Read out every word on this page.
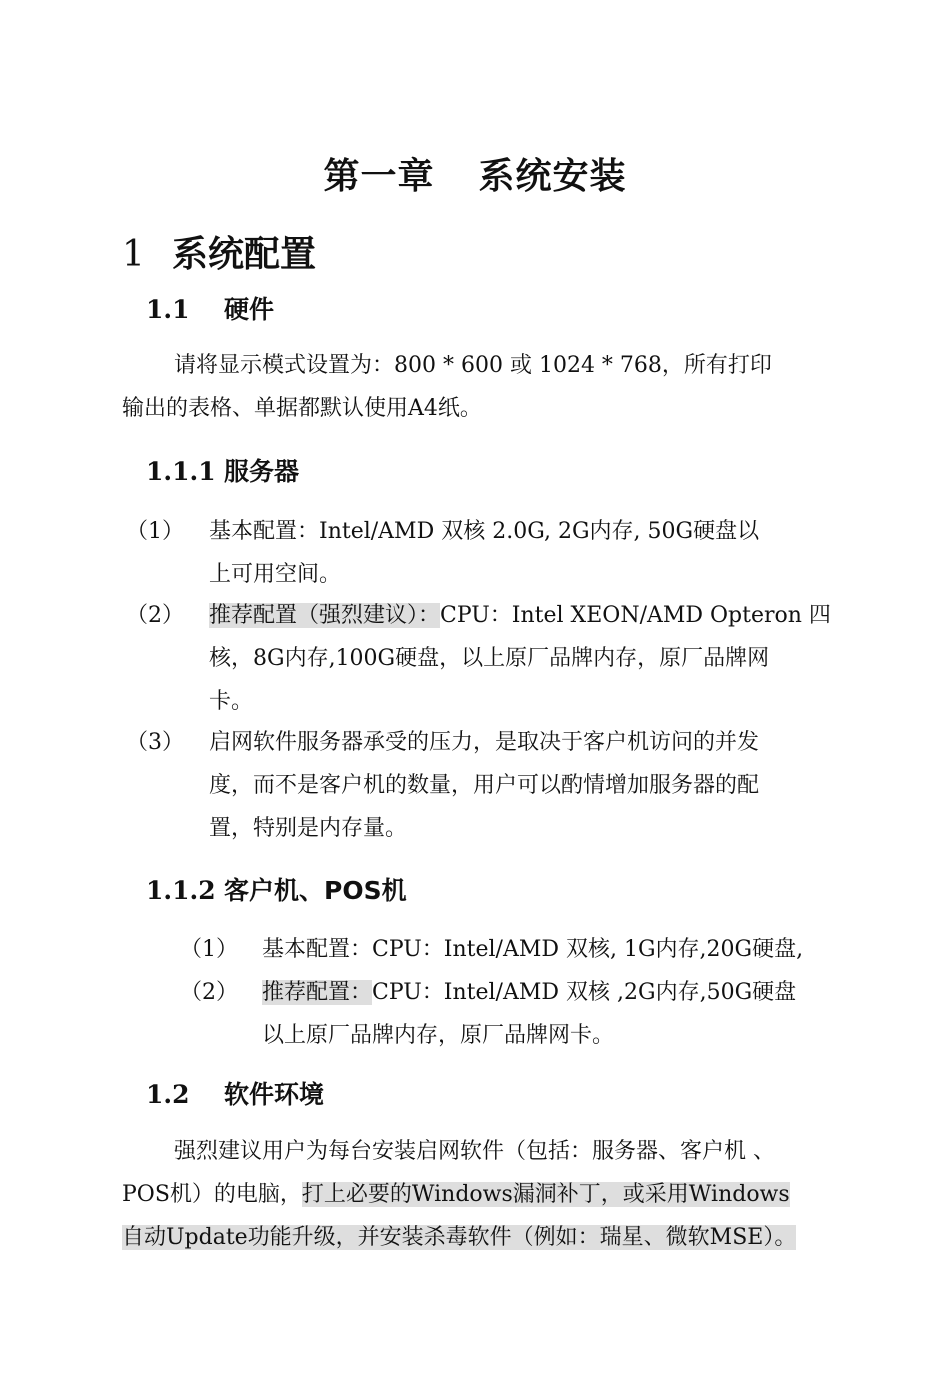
第一章 系统安装
1 系统配置
1.1 硬件
请将显示模式设置为：800 * 600 或 1024 * 768，所有打印
输出的表格、单据都默认使用A4纸。
1.1.1 服务器
（1） 基本配置：Intel/AMD 双核 2.0G, 2G内存, 50G硬盘以
上可用空间。
（2） 推荐配置（强烈建议）：CPU：Intel XEON/AMD Opteron 四
核，8G内存,100G硬盘，以上原厂品牌内存，原厂品牌网
卡。
（3） 启网软件服务器承受的压力，是取决于客户机访问的并发
度，而不是客户机的数量，用户可以酌情增加服务器的配
置，特别是内存量。
1.1.2 客户机、POS机
（1） 基本配置：CPU：Intel/AMD 双核, 1G内存,20G硬盘,
（2） 推荐配置：CPU：Intel/AMD 双核 ,2G内存,50G硬盘
以上原厂品牌内存，原厂品牌网卡。
1.2 软件环境
强烈建议用户为每台安装启网软件（包括：服务器、客户机 、
POS机）的电脑，打上必要的Windows漏洞补丁，或采用Windows
自动Update功能升级，并安装杀毒软件（例如：瑞星、微软MSE）。
